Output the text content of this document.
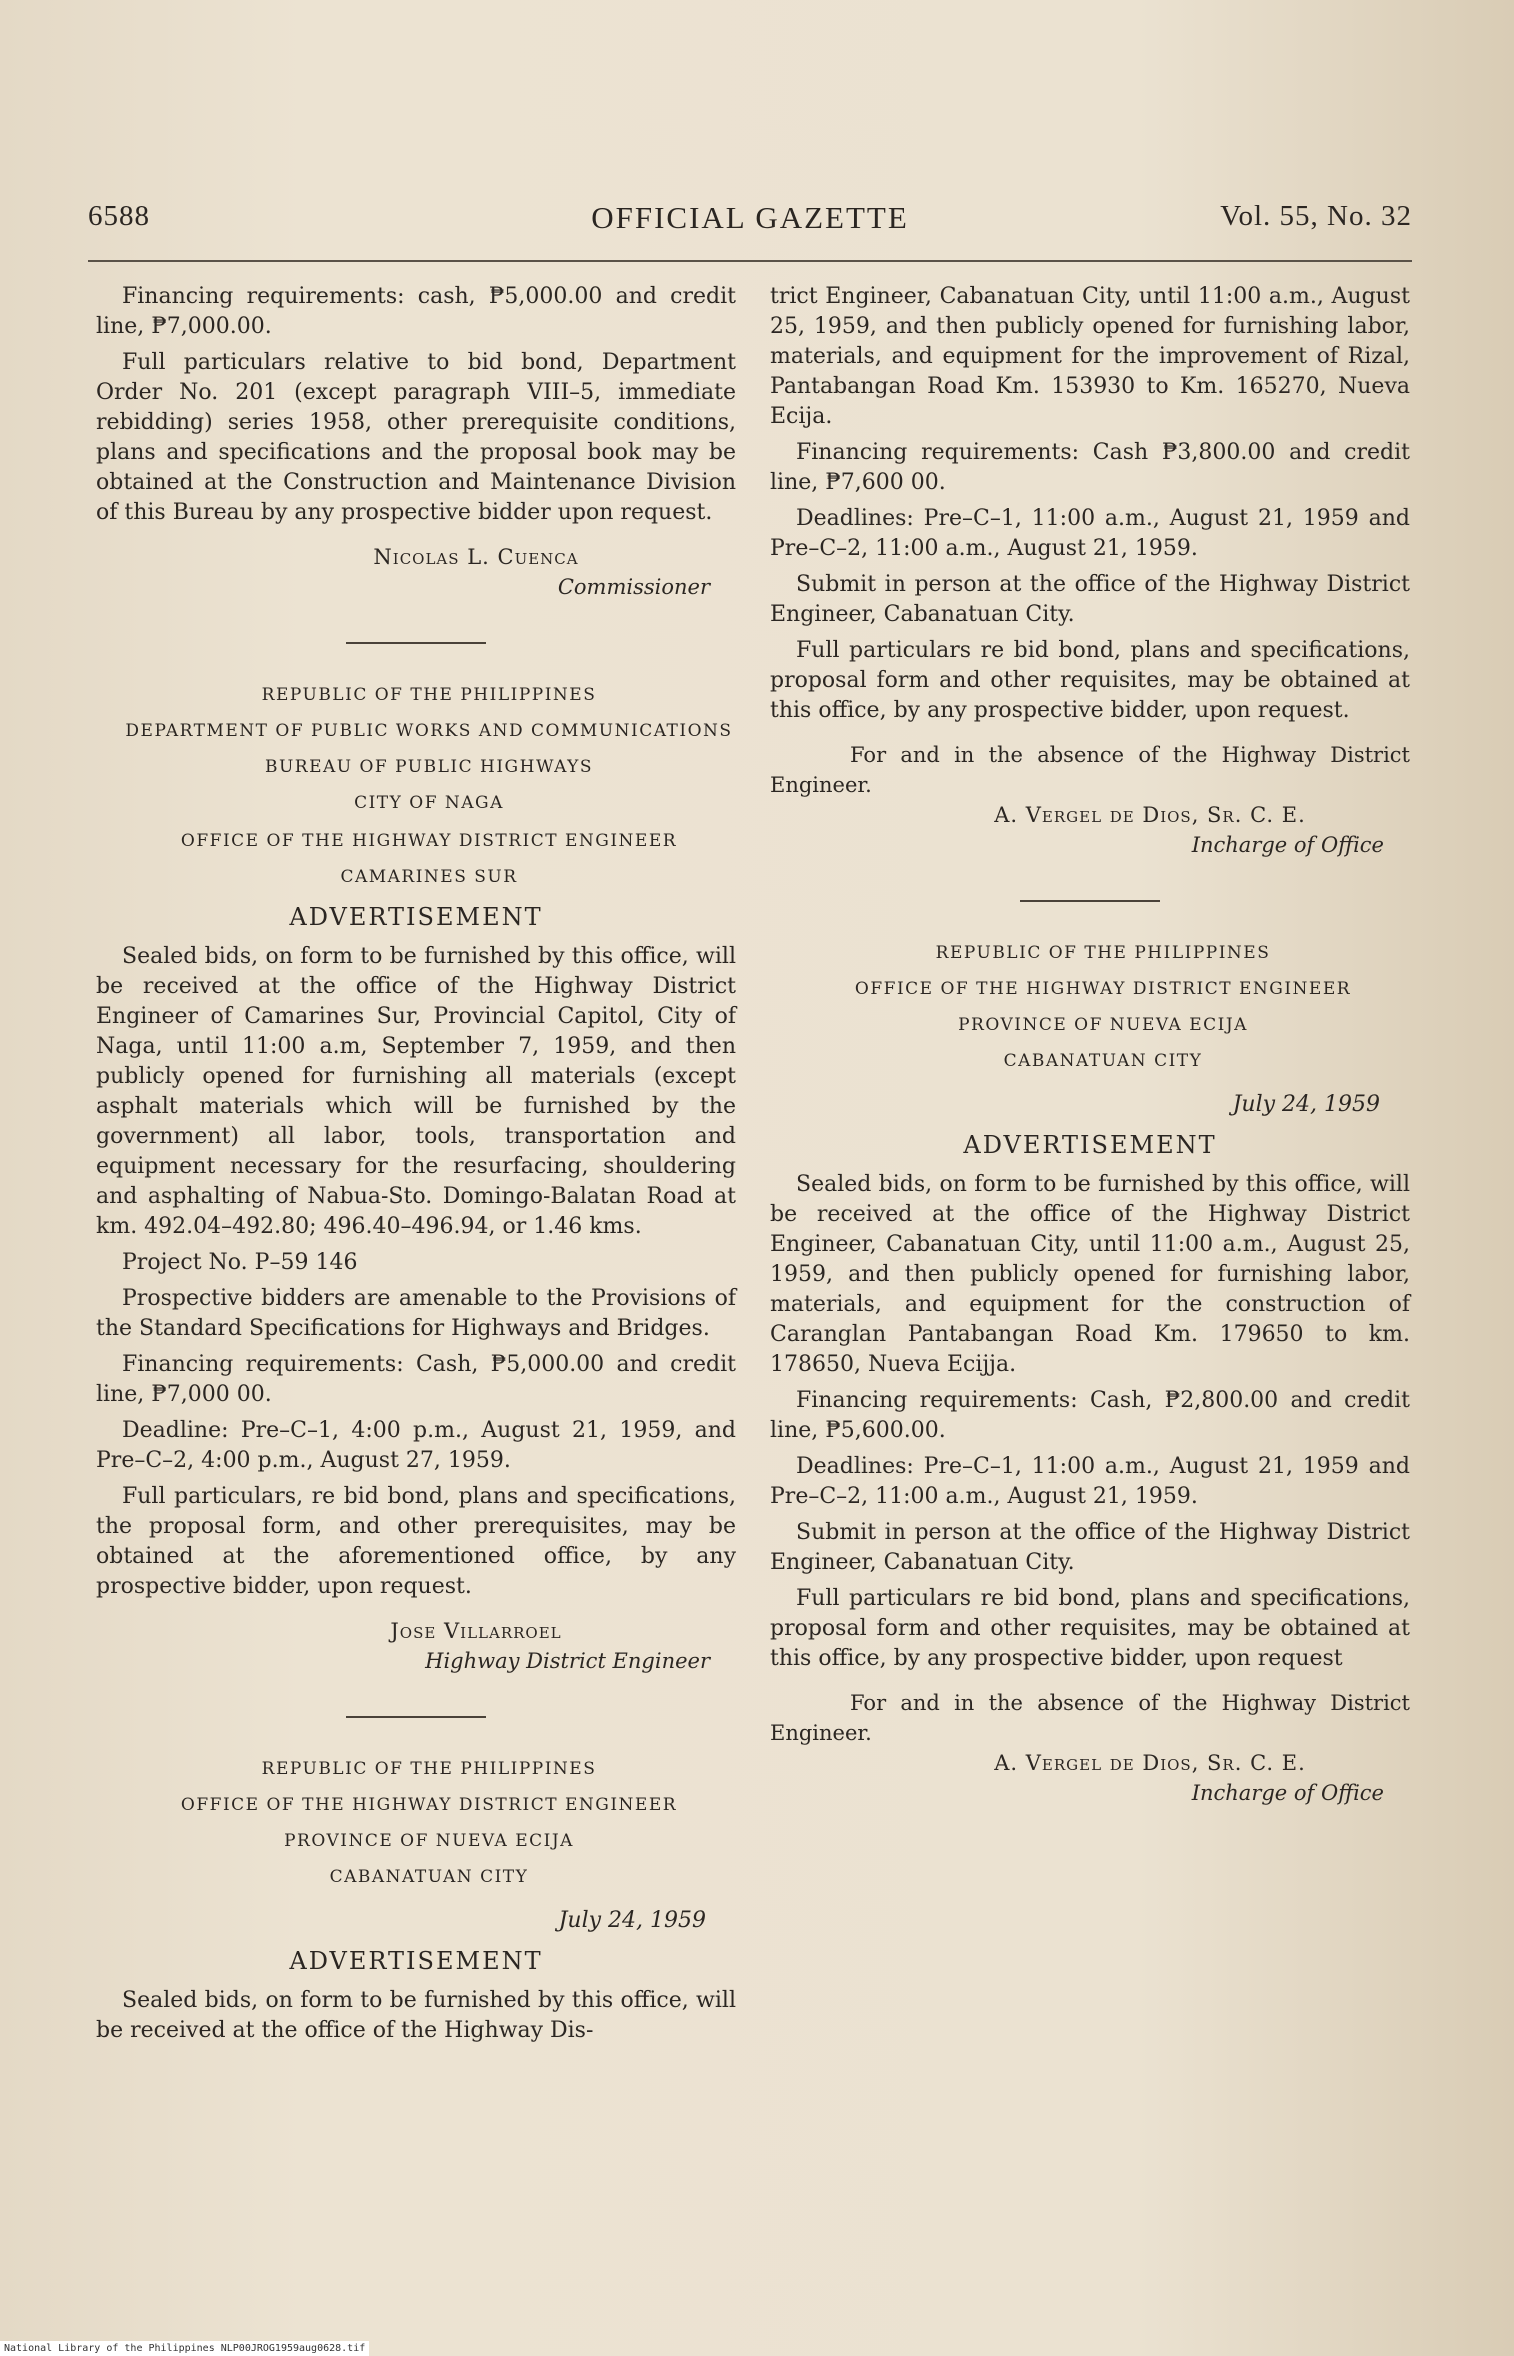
6588	OFFICIAL GAZETTE	Vol. 55, No. 32

Financing requirements: cash, ₱5,000.00 and credit line, ₱7,000.00.

Full particulars relative to bid bond, Department Order No. 201 (except paragraph VIII–5, immediate rebidding) series 1958, other prerequisite conditions, plans and specifications and the proposal book may be obtained at the Construction and Maintenance Division of this Bureau by any prospective bidder upon request.

Nicolas L. Cuenca
Commissioner

REPUBLIC OF THE PHILIPPINES

DEPARTMENT OF PUBLIC WORKS AND COMMUNICATIONS

BUREAU OF PUBLIC HIGHWAYS

CITY OF NAGA

OFFICE OF THE HIGHWAY DISTRICT ENGINEER

CAMARINES SUR

ADVERTISEMENT

Sealed bids, on form to be furnished by this office, will be received at the office of the Highway District Engineer of Camarines Sur, Provincial Capitol, City of Naga, until 11:00 a.m, September 7, 1959, and then publicly opened for furnishing all materials (except asphalt materials which will be furnished by the government) all labor, tools, transportation and equipment necessary for the resurfacing, shouldering and asphalting of Nabua-Sto. Domingo-Balatan Road at km. 492.04–492.80; 496.40–496.94, or 1.46 kms.

Project No. P–59 146

Prospective bidders are amenable to the Provisions of the Standard Specifications for Highways and Bridges.

Financing requirements: Cash, ₱5,000.00 and credit line, ₱7,000 00.

Deadline: Pre–C–1, 4:00 p.m., August 21, 1959, and Pre–C–2, 4:00 p.m., August 27, 1959.

Full particulars, re bid bond, plans and specifications, the proposal form, and other prerequisites, may be obtained at the aforementioned office, by any prospective bidder, upon request.

Jose Villarroel
Highway District Engineer

REPUBLIC OF THE PHILIPPINES

OFFICE OF THE HIGHWAY DISTRICT ENGINEER

PROVINCE OF NUEVA ECIJA

CABANATUAN CITY

July 24, 1959
ADVERTISEMENT

Sealed bids, on form to be furnished by this office, will be received at the office of the Highway Dis-

trict Engineer, Cabanatuan City, until 11:00 a.m., August 25, 1959, and then publicly opened for furnishing labor, materials, and equipment for the improvement of Rizal, Pantabangan Road Km. 153930 to Km. 165270, Nueva Ecija.

Financing requirements: Cash ₱3,800.00 and credit line, ₱7,600 00.

Deadlines: Pre–C–1, 11:00 a.m., August 21, 1959 and Pre–C–2, 11:00 a.m., August 21, 1959.

Submit in person at the office of the Highway District Engineer, Cabanatuan City.

Full particulars re bid bond, plans and specifications, proposal form and other requisites, may be obtained at this office, by any prospective bidder, upon request.

For and in the absence of the Highway District Engineer.

A. Vergel de Dios, Sr. C. E.
Incharge of Office

REPUBLIC OF THE PHILIPPINES

OFFICE OF THE HIGHWAY DISTRICT ENGINEER

PROVINCE OF NUEVA ECIJA

CABANATUAN CITY

July 24, 1959
ADVERTISEMENT

Sealed bids, on form to be furnished by this office, will be received at the office of the Highway District Engineer, Cabanatuan City, until 11:00 a.m., August 25, 1959, and then publicly opened for furnishing labor, materials, and equipment for the construction of Caranglan Pantabangan Road Km. 179650 to km. 178650, Nueva Ecijja.

Financing requirements: Cash, ₱2,800.00 and credit line, ₱5,600.00.

Deadlines: Pre–C–1, 11:00 a.m., August 21, 1959 and Pre–C–2, 11:00 a.m., August 21, 1959.

Submit in person at the office of the Highway District Engineer, Cabanatuan City.

Full particulars re bid bond, plans and specifications, proposal form and other requisites, may be obtained at this office, by any prospective bidder, upon request

For and in the absence of the Highway District Engineer.

A. Vergel de Dios, Sr. C. E.
Incharge of Office
National Library of the Philippines NLP00JROG1959aug0628.tif
